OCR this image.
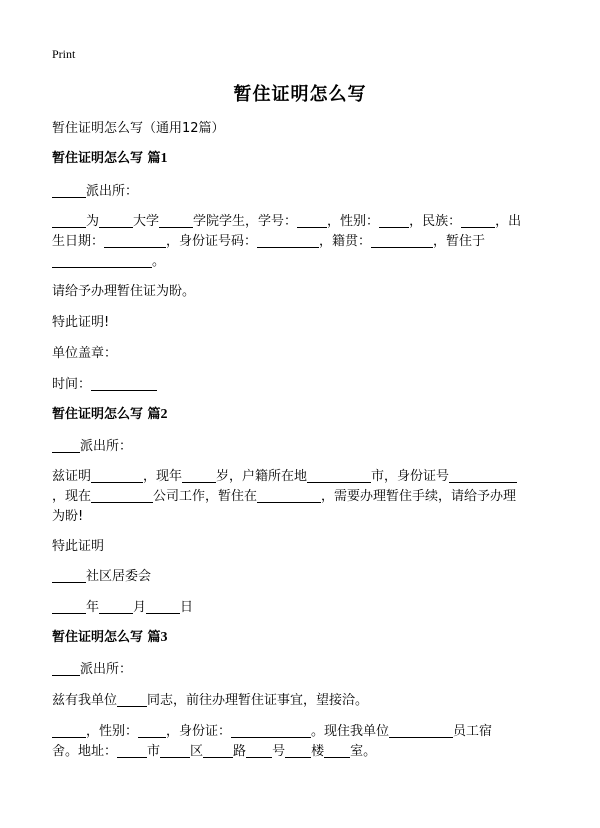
Print
暂住证明怎么写
暂住证明怎么写（通用12篇）
暂住证明怎么写 篇1
派出所：
为	大学	学院学生，学号： ，性别： ，民族：	，出
生日期：	，身份证号码：	，籍贯：	，暂住于
。
请给予办理暂住证为盼。
特此证明!
单位盖章：
时间：
暂住证明怎么写 篇2
派出所：
兹证明	，现年	岁，户籍所在地	市，身份证号
，现在	公司工作，暂住在	，需要办理暂住手续，请给予办理
为盼!
特此证明
社区居委会
年	月	日
暂住证明怎么写 篇3
派出所：
兹有我单位 同志，前往办理暂住证事宜，望接洽。
，性别： ，身份证：	。现住我单位	员工宿
舍。地址： 市 区 路 号 楼 室。
